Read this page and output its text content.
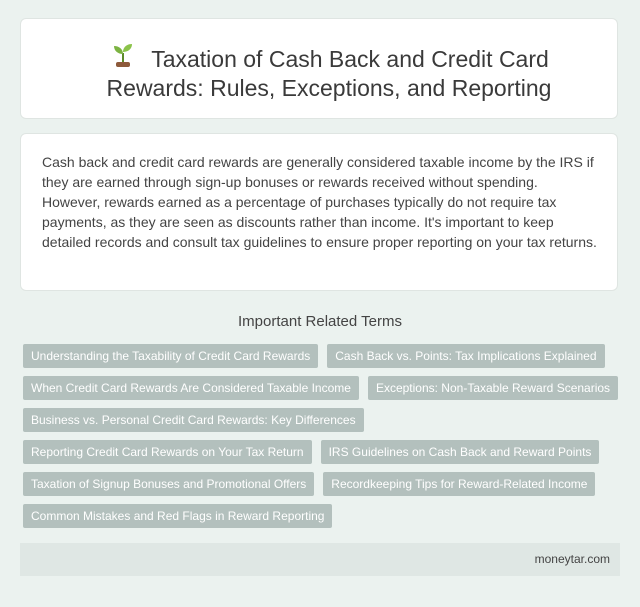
Taxation of Cash Back and Credit Card Rewards: Rules, Exceptions, and Reporting

Cash back and credit card rewards are generally considered taxable income by the IRS if they are earned through sign-up bonuses or rewards received without spending. However, rewards earned as a percentage of purchases typically do not require tax payments, as they are seen as discounts rather than income. It's important to keep detailed records and consult tax guidelines to ensure proper reporting on your tax returns.

Important Related Terms
Understanding the Taxability of Credit Card Rewards	Cash Back vs. Points: Tax Implications Explained
When Credit Card Rewards Are Considered Taxable Income	Exceptions: Non-Taxable Reward Scenarios
Business vs. Personal Credit Card Rewards: Key Differences
Reporting Credit Card Rewards on Your Tax Return	IRS Guidelines on Cash Back and Reward Points
Taxation of Signup Bonuses and Promotional Offers	Recordkeeping Tips for Reward-Related Income
Common Mistakes and Red Flags in Reward Reporting
moneytar.com
